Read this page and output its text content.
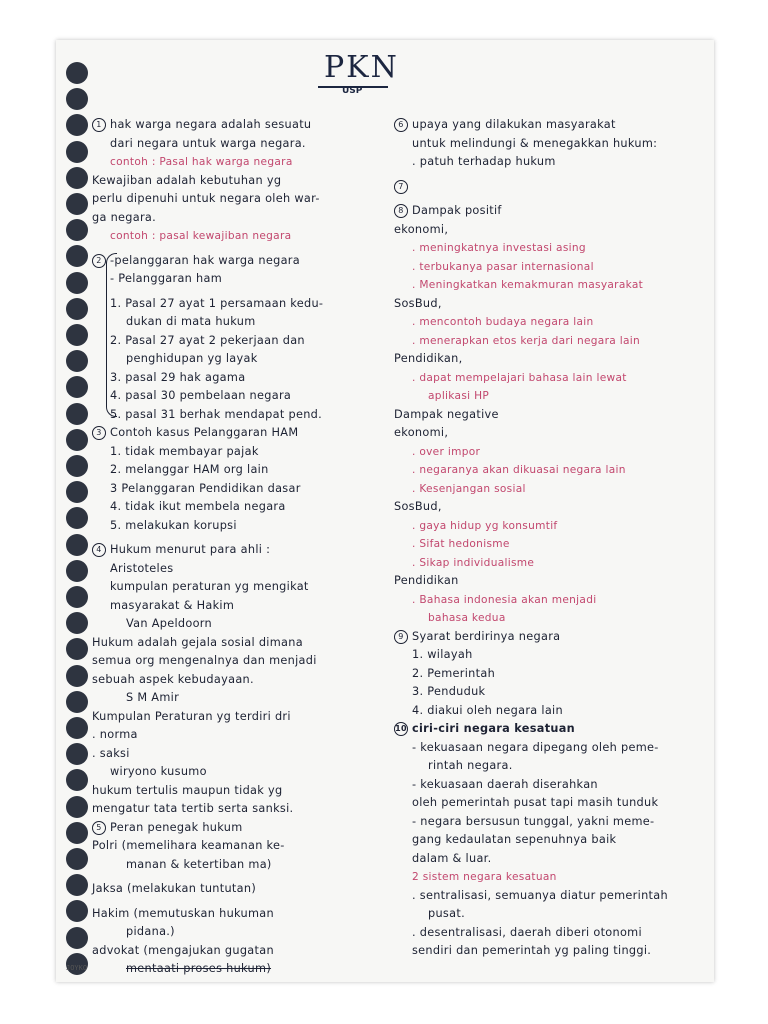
JOYKO
PKN
USP
1 hak warga negara adalah sesuatu
dari negara untuk warga negara.
contoh : Pasal hak warga negara
Kewajiban adalah kebutuhan yg
perlu dipenuhi untuk negara oleh war-
ga negara.
contoh : pasal kewajiban negara
2 -pelanggaran hak warga negara
- Pelanggaran ham
1. Pasal 27 ayat 1 persamaan kedu-
dukan di mata hukum
2. Pasal 27 ayat 2 pekerjaan dan
penghidupan yg layak
3. pasal 29 hak agama
4. pasal 30 pembelaan negara
5. pasal 31 berhak mendapat pend.
3 Contoh kasus Pelanggaran HAM
1. tidak membayar pajak
2. melanggar HAM org lain
3 Pelanggaran Pendidikan dasar
4. tidak ikut membela negara
5. melakukan korupsi
4 Hukum menurut para ahli :
Aristoteles
kumpulan peraturan yg mengikat
masyarakat & Hakim
Van Apeldoorn
Hukum adalah gejala sosial dimana
semua org mengenalnya dan menjadi
sebuah aspek kebudayaan.
S M Amir
Kumpulan Peraturan yg terdiri dri
. norma
. saksi
wiryono kusumo
hukum tertulis maupun tidak yg
mengatur tata tertib serta sanksi.
5 Peran penegak hukum
Polri (memelihara keamanan ke-
manan & ketertiban ma)
Jaksa (melakukan tuntutan)
Hakim (memutuskan hukuman
pidana.)
advokat (mengajukan gugatan
mentaati proses hukum)
6 upaya yang dilakukan masyarakat
untuk melindungi & menegakkan hukum:
. patuh terhadap hukum
7
8 Dampak positif
ekonomi,
. meningkatnya investasi asing
. terbukanya pasar internasional
. Meningkatkan kemakmuran masyarakat
SosBud,
. mencontoh budaya negara lain
. menerapkan etos kerja dari negara lain
Pendidikan,
. dapat mempelajari bahasa lain lewat
aplikasi HP
Dampak negative
ekonomi,
. over impor
. negaranya akan dikuasai negara lain
. Kesenjangan sosial
SosBud,
. gaya hidup yg konsumtif
. Sifat hedonisme
. Sikap individualisme
Pendidikan
. Bahasa indonesia akan menjadi
bahasa kedua
9 Syarat berdirinya negara
1. wilayah
2. Pemerintah
3. Penduduk
4. diakui oleh negara lain
10 ciri-ciri negara kesatuan
- kekuasaan negara dipegang oleh peme-
rintah negara.
- kekuasaan daerah diserahkan
oleh pemerintah pusat tapi masih tunduk
- negara bersusun tunggal, yakni meme-
gang kedaulatan sepenuhnya baik
dalam & luar.
2 sistem negara kesatuan
. sentralisasi, semuanya diatur pemerintah
pusat.
. desentralisasi, daerah diberi otonomi
sendiri dan pemerintah yg paling tinggi.
